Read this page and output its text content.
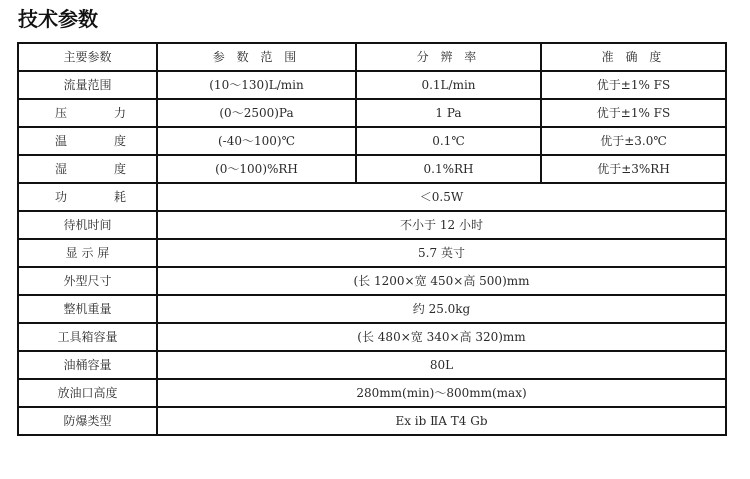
技术参数
主要参数	参 数 范 围	分 辨 率	准 确 度
流量范围	(10～130)L/min	0.1L/min	优于±1% FS

压 力	(0～2500)Pa	1 Pa	优于±1% FS

温 度	(-40～100)℃	0.1℃	优于±3.0℃

湿 度	(0～100)%RH	0.1%RH	优于±3%RH

功 耗	＜0.5W		
待机时间	不小于 12 小时		
显 示 屏	5.7 英寸		
外型尺寸	(长 1200×宽 450×高 500)mm		
整机重量	约 25.0kg		
工具箱容量	(长 480×宽 340×高 320)mm		
油桶容量	80L		
放油口高度	280mm(min)～800mm(max)		
防爆类型	Ex ib ⅡA T4 Gb		
